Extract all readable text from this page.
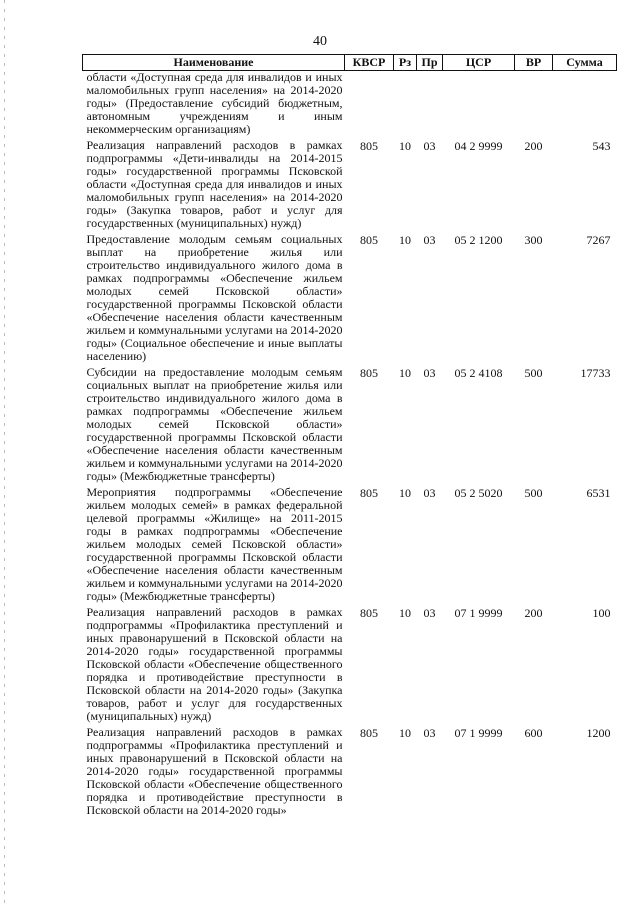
40
Наименование	КВСР	Рз	Пр	ЦСР	ВР	Сумма
области «Доступная среда для инвалидов и иных маломобильных групп населения» на 2014-2020 годы» (Предоставление субсидий бюджетным, автономным учреждениям и иным некоммерческим организациям)						
Реализация направлений расходов в рамках подпрограммы «Дети-инвалиды на 2014-2015 годы» государственной программы Псковской области «Доступная среда для инвалидов и иных маломобильных групп населения» на 2014-2020 годы» (Закупка товаров, работ и услуг для государственных (муниципальных) нужд)	805	10	03	04 2 9999	200	543
Предоставление молодым семьям социальных выплат на приобретение жилья или строительство индивидуального жилого дома в рамках подпрограммы «Обеспечение жильем молодых семей Псковской области» государственной программы Псковской области «Обеспечение населения области качественным жильем и коммунальными услугами на 2014-2020 годы» (Социальное обеспечение и иные выплаты населению)	805	10	03	05 2 1200	300	7267
Субсидии на предоставление молодым семьям социальных выплат на приобретение жилья или строительство индивидуального жилого дома в рамках подпрограммы «Обеспечение жильем молодых семей Псковской области» государственной программы Псковской области «Обеспечение населения области качественным жильем и коммунальными услугами на 2014-2020 годы» (Межбюджетные трансферты)	805	10	03	05 2 4108	500	17733
Мероприятия подпрограммы «Обеспечение жильем молодых семей» в рамках федеральной целевой программы «Жилище» на 2011-2015 годы в рамках подпрограммы «Обеспечение жильем молодых семей Псковской области» государственной программы Псковской области «Обеспечение населения области качественным жильем и коммунальными услугами на 2014-2020 годы» (Межбюджетные трансферты)	805	10	03	05 2 5020	500	6531
Реализация направлений расходов в рамках подпрограммы «Профилактика преступлений и иных правонарушений в Псковской области на 2014-2020 годы» государственной программы Псковской области «Обеспечение общественного порядка и противодействие преступности в Псковской области на 2014-2020 годы» (Закупка товаров, работ и услуг для государственных (муниципальных) нужд)	805	10	03	07 1 9999	200	100
Реализация направлений расходов в рамках подпрограммы «Профилактика преступлений и иных правонарушений в Псковской области на 2014-2020 годы» государственной программы Псковской области «Обеспечение общественного порядка и противодействие преступности в Псковской области на 2014-2020 годы»	805	10	03	07 1 9999	600	1200
